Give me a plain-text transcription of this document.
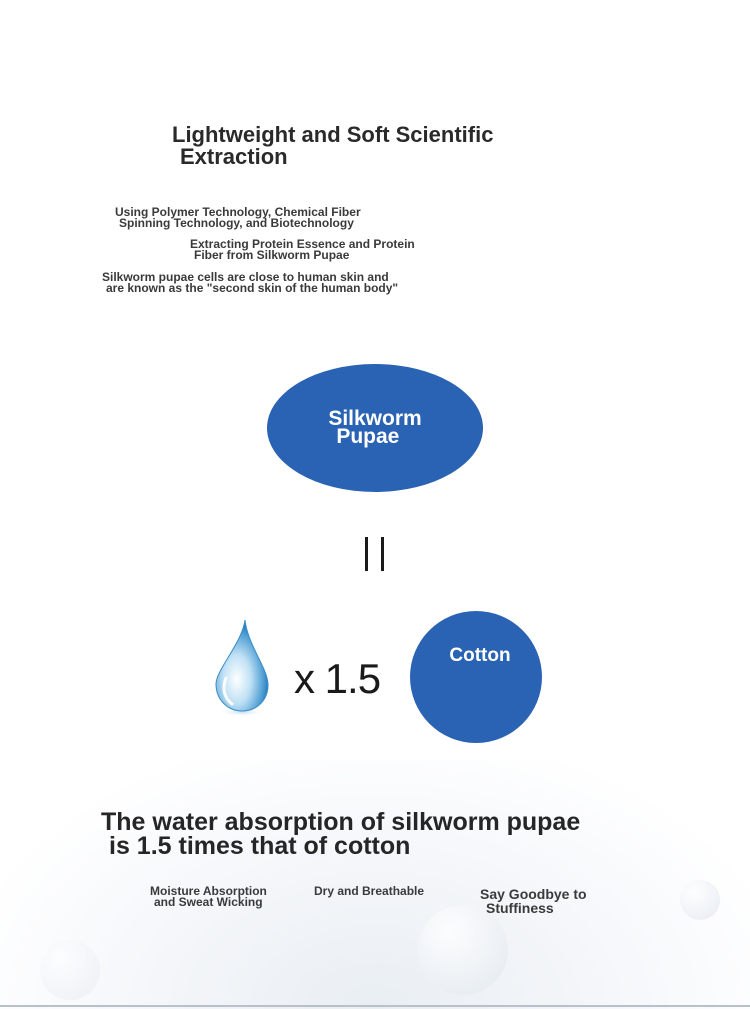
Lightweight and Soft Scientific
Extraction
Using Polymer Technology, Chemical Fiber
Spinning Technology, and Biotechnology
Extracting Protein Essence and Protein
Fiber from Silkworm Pupae
Silkworm pupae cells are close to human skin and
are known as the "second skin of the human body"
Silkworm
Pupae
x 1.5	Cotton
The water absorption of silkworm pupae
is 1.5 times that of cotton
Moisture Absorption
and Sweat Wicking
Dry and Breathable	Say Goodbye to
Stuffiness
